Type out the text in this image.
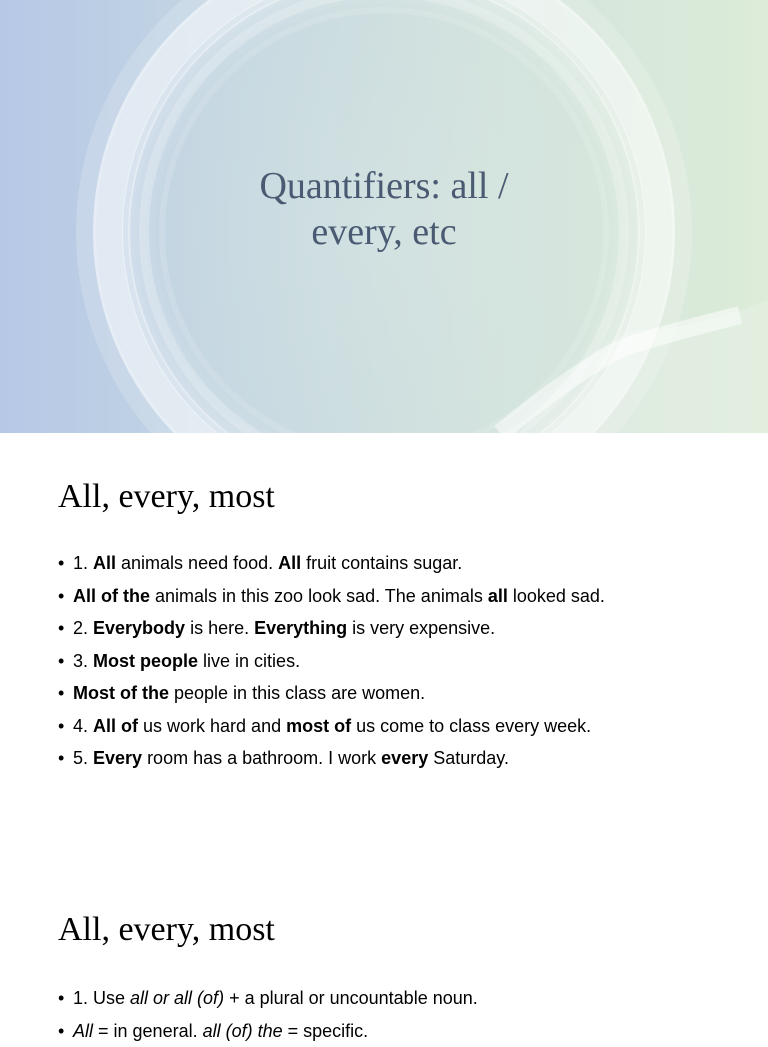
Quantifiers: all /
every, etc
All, every, most
• 1. All animals need food. All fruit contains sugar.
• All of the animals in this zoo look sad. The animals all looked sad.
• 2. Everybody is here. Everything is very expensive.
• 3. Most people live in cities.
• Most of the people in this class are women.
• 4. All of us work hard and most of us come to class every week.
• 5. Every room has a bathroom. I work every Saturday.
All, every, most
• 1. Use all or all (of) + a plural or uncountable noun.
• All = in general. all (of) the = specific.
